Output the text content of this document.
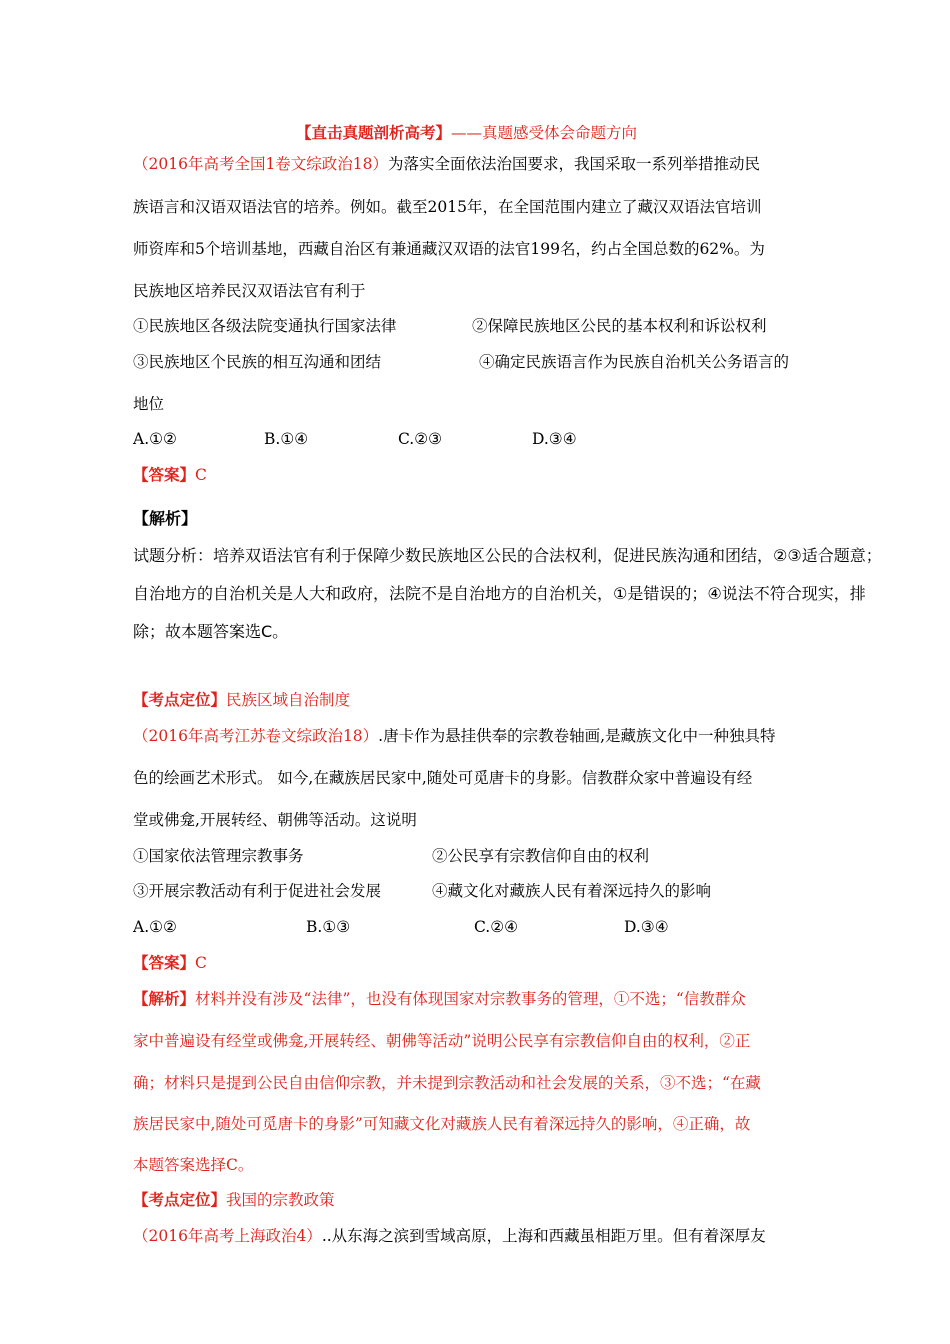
【直击真题剖析高考】——真题感受体会命题方向
（2016年高考全国1卷文综政治18）为落实全面依法治国要求，我国采取一系列举措推动民
族语言和汉语双语法官的培养。例如。截至2015年，在全国范围内建立了藏汉双语法官培训
师资库和5个培训基地，西藏自治区有兼通藏汉双语的法官199名，约占全国总数的62%。为
民族地区培养民汉双语法官有利于
①民族地区各级法院变通执行国家法律	②保障民族地区公民的基本权利和诉讼权利
③民族地区个民族的相互沟通和团结	④确定民族语言作为民族自治机关公务语言的
地位
A.①②	B.①④	C.②③	D.③④
【答案】C
【解析】
试题分析：培养双语法官有利于保障少数民族地区公民的合法权利，促进民族沟通和团结，②③适合题意；
自治地方的自治机关是人大和政府，法院不是自治地方的自治机关，①是错误的；④说法不符合现实，排
除；故本题答案选C。
【考点定位】民族区域自治制度
（2016年高考江苏卷文综政治18）.唐卡作为悬挂供奉的宗教卷轴画,是藏族文化中一种独具特
色的绘画艺术形式。 如今,在藏族居民家中,随处可觅唐卡的身影。信教群众家中普遍设有经
堂或佛龛,开展转经、朝佛等活动。这说明
①国家依法管理宗教事务	②公民享有宗教信仰自由的权利
③开展宗教活动有利于促进社会发展	④藏文化对藏族人民有着深远持久的影响
A.①②	B.①③	C.②④	D.③④
【答案】C
【解析】材料并没有涉及“法律”，也没有体现国家对宗教事务的管理，①不选；“信教群众
家中普遍设有经堂或佛龛,开展转经、朝佛等活动”说明公民享有宗教信仰自由的权利，②正
确；材料只是提到公民自由信仰宗教，并未提到宗教活动和社会发展的关系，③不选；“在藏
族居民家中,随处可觅唐卡的身影”可知藏文化对藏族人民有着深远持久的影响，④正确，故
本题答案选择C。
【考点定位】我国的宗教政策
（2016年高考上海政治4）..从东海之滨到雪域高原，上海和西藏虽相距万里。但有着深厚友
